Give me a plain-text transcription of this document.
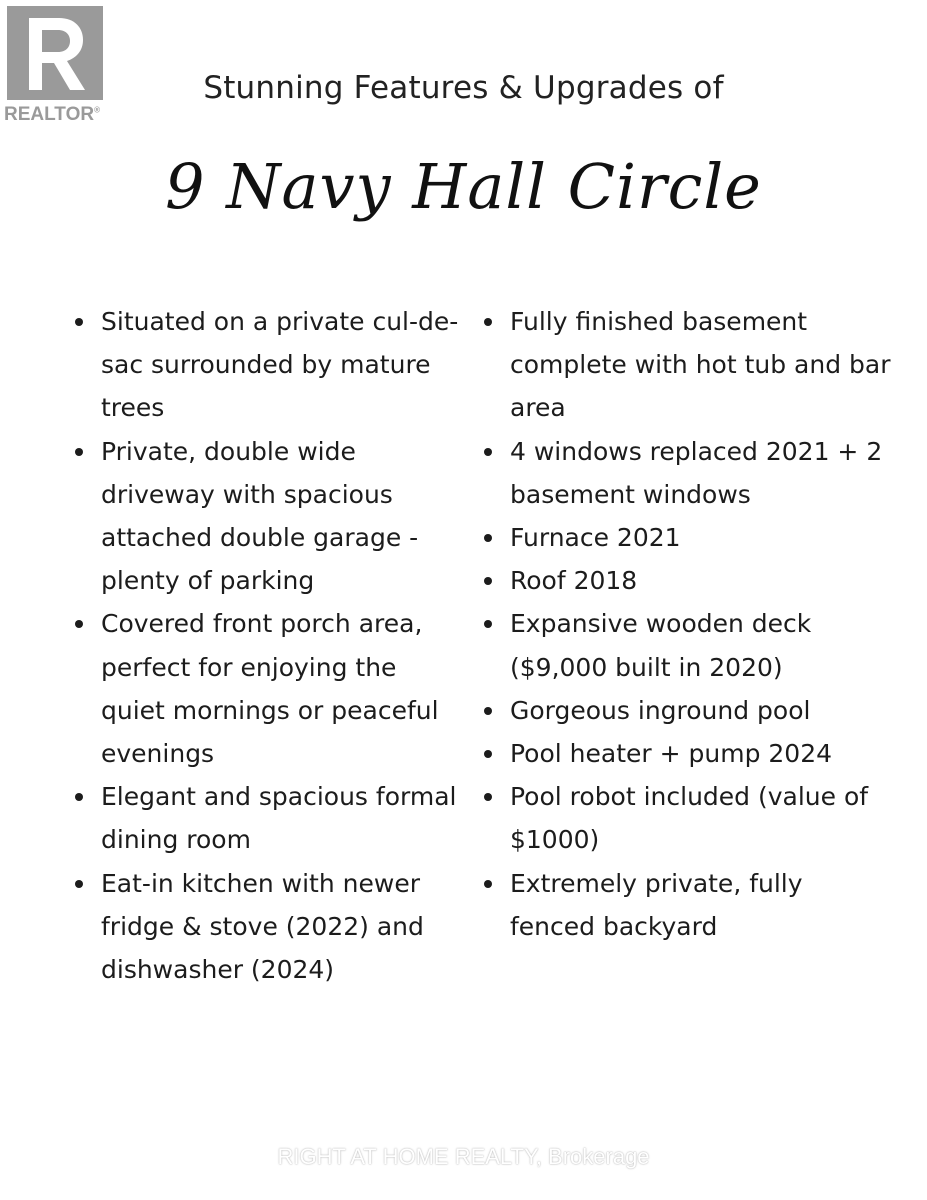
REALTOR®
Stunning Features & Upgrades of
9 Navy Hall Circle
Situated on a private cul-de-sac surrounded by mature trees
Private, double wide driveway with spacious attached double garage - plenty of parking
Covered front porch area, perfect for enjoying the quiet mornings or peaceful evenings
Elegant and spacious formal dining room
Eat-in kitchen with newer fridge & stove (2022) and dishwasher (2024)
Fully finished basement complete with hot tub and bar area
4 windows replaced 2021 + 2 basement windows
Furnace 2021
Roof 2018
Expansive wooden deck ($9,000 built in 2020)
Gorgeous inground pool
Pool heater + pump 2024
Pool robot included (value of $1000)
Extremely private, fully fenced backyard
RIGHT AT HOME REALTY, Brokerage
